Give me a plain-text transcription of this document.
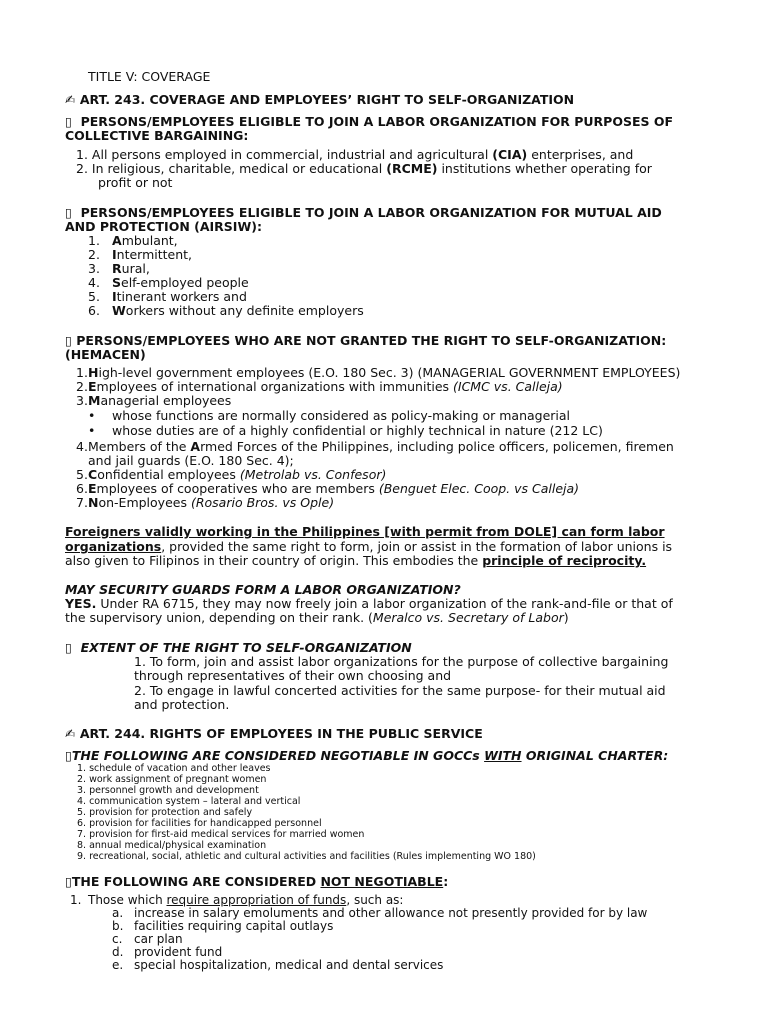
TITLE V: COVERAGE
✍ ART. 243. COVERAGE AND EMPLOYEES’ RIGHT TO SELF-ORGANIZATION
▯ PERSONS/EMPLOYEES ELIGIBLE TO JOIN A LABOR ORGANIZATION FOR PURPOSES OF
COLLECTIVE BARGAINING:
1. All persons employed in commercial, industrial and agricultural (CIA) enterprises, and
2. In religious, charitable, medical or educational (RCME) institutions whether operating for
profit or not
▯ PERSONS/EMPLOYEES ELIGIBLE TO JOIN A LABOR ORGANIZATION FOR MUTUAL AID
AND PROTECTION (AIRSIW):
1. Ambulant,
2. Intermittent,
3. Rural,
4. Self-employed people
5. Itinerant workers and
6. Workers without any definite employers
▯ PERSONS/EMPLOYEES WHO ARE NOT GRANTED THE RIGHT TO SELF-ORGANIZATION:
(HEMACEN)
1.High-level government employees (E.O. 180 Sec. 3) (MANAGERIAL GOVERNMENT EMPLOYEES)
2.Employees of international organizations with immunities (ICMC vs. Calleja)
3.Managerial employees
• whose functions are normally considered as policy-making or managerial
• whose duties are of a highly confidential or highly technical in nature (212 LC)
4.Members of the Armed Forces of the Philippines, including police officers, policemen, firemen
and jail guards (E.O. 180 Sec. 4);
5.Confidential employees (Metrolab vs. Confesor)
6.Employees of cooperatives who are members (Benguet Elec. Coop. vs Calleja)
7.Non-Employees (Rosario Bros. vs Ople)
Foreigners validly working in the Philippines [with permit from DOLE] can form labor
organizations, provided the same right to form, join or assist in the formation of labor unions is
also given to Filipinos in their country of origin. This embodies the principle of reciprocity.
MAY SECURITY GUARDS FORM A LABOR ORGANIZATION?
YES. Under RA 6715, they may now freely join a labor organization of the rank-and-file or that of
the supervisory union, depending on their rank. (Meralco vs. Secretary of Labor)
▯ EXTENT OF THE RIGHT TO SELF-ORGANIZATION
1. To form, join and assist labor organizations for the purpose of collective bargaining
through representatives of their own choosing and
2. To engage in lawful concerted activities for the same purpose- for their mutual aid
and protection.
✍ ART. 244. RIGHTS OF EMPLOYEES IN THE PUBLIC SERVICE
▯THE FOLLOWING ARE CONSIDERED NEGOTIABLE IN GOCCs WITH ORIGINAL CHARTER:
1. schedule of vacation and other leaves
2. work assignment of pregnant women
3. personnel growth and development
4. communication system – lateral and vertical
5. provision for protection and safely
6. provision for facilities for handicapped personnel
7. provision for first-aid medical services for married women
8. annual medical/physical examination
9. recreational, social, athletic and cultural activities and facilities (Rules implementing WO 180)
▯THE FOLLOWING ARE CONSIDERED NOT NEGOTIABLE:
1. Those which require appropriation of funds, such as:
a. increase in salary emoluments and other allowance not presently provided for by law
b. facilities requiring capital outlays
c. car plan
d. provident fund
e. special hospitalization, medical and dental services
